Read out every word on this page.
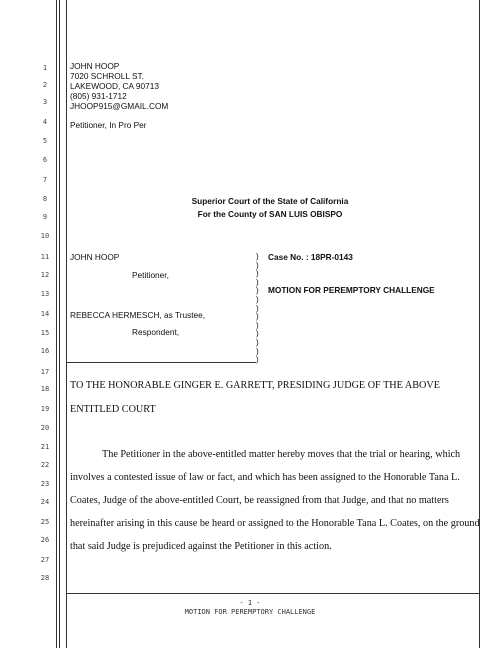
1
2
3
4
5
6
7
8
9
10
11
12
13
14
15
16
17
18
19
20
21
22
23
24
25
26
27
28
JOHN HOOP
7020 SCHROLL ST.
LAKEWOOD, CA 90713
(805) 931-1712
JHOOP915@GMAIL.COM
Petitioner, In Pro Per
Superior Court of the State of California
For the County of SAN LUIS OBISPO
JOHN HOOP
Petitioner,
REBECCA HERMESCH, as Trustee,
Respondent,
)
)
)
)
)
)
)
)
)
)
)
)
)
Case No. : 18PR-0143
MOTION FOR PEREMPTORY CHALLENGE
TO THE HONORABLE GINGER E. GARRETT, PRESIDING JUDGE OF THE ABOVE
ENTITLED COURT
The Petitioner in the above-entitled matter hereby moves that the trial or hearing, which
involves a contested issue of law or fact, and which has been assigned to the Honorable Tana L.
Coates, Judge of the above-entitled Court, be reassigned from that Judge, and that no matters
hereinafter arising in this cause be heard or assigned to the Honorable Tana L. Coates, on the ground
that said Judge is prejudiced against the Petitioner in this action.
- 1 -
MOTION FOR PEREMPTORY CHALLENGE
